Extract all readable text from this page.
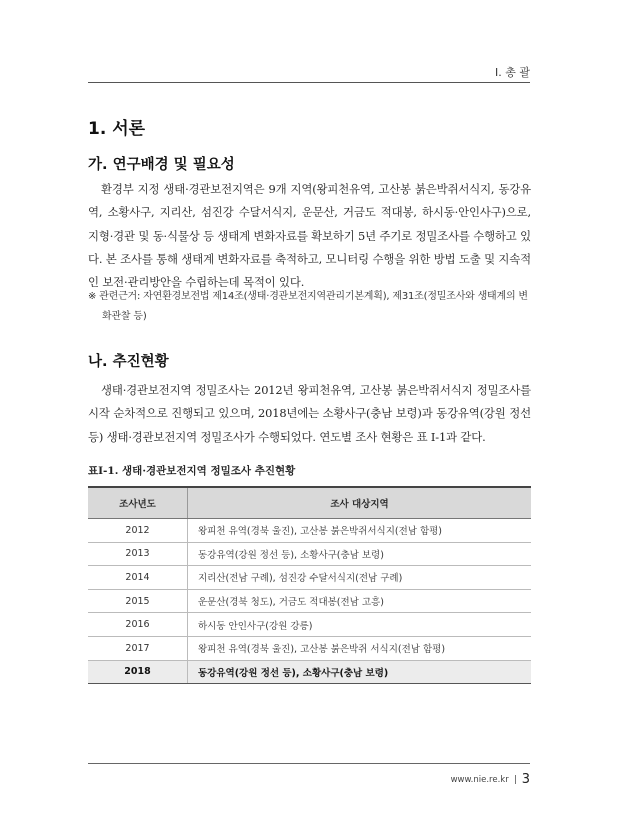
I. 총 괄
1. 서론
가. 연구배경 및 필요성
환경부 지정 생태·경관보전지역은 9개 지역(왕피천유역, 고산봉 붉은박쥐서식지, 동강유역, 소황사구, 지리산, 섬진강 수달서식지, 운문산, 거금도 적대봉, 하시동·안인사구)으로, 지형·경관 및 동·식물상 등 생태계 변화자료를 확보하기 5년 주기로 정밀조사를 수행하고 있다. 본 조사를 통해 생태계 변화자료를 축적하고, 모니터링 수행을 위한 방법 도출 및 지속적인 보전·관리방안을 수립하는데 목적이 있다.
※ 관련근거: 자연환경보전법 제14조(생태·경관보전지역관리기본계획), 제31조(정밀조사와 생태계의 변화관찰 등)
나. 추진현황
생태·경관보전지역 정밀조사는 2012년 왕피천유역, 고산봉 붉은박쥐서식지 정밀조사를 시작 순차적으로 진행되고 있으며, 2018년에는 소황사구(충남 보령)과 동강유역(강원 정선 등) 생태·경관보전지역 정밀조사가 수행되었다. 연도별 조사 현황은 표 Ⅰ-1과 같다.
표Ⅰ-1. 생태·경관보전지역 정밀조사 추진현황
조사년도	조사 대상지역
2012	왕피천 유역(경북 울진), 고산봉 붉은박쥐서식지(전남 함평)
2013	동강유역(강원 정선 등), 소황사구(충남 보령)
2014	지리산(전남 구례), 섬진강 수달서식지(전남 구례)
2015	운문산(경북 청도), 거금도 적대봉(전남 고흥)
2016	하시동 안인사구(강원 강릉)
2017	왕피천 유역(경북 울진), 고산봉 붉은박쥐 서식지(전남 함평)
2018	동강유역(강원 정선 등), 소황사구(충남 보령)
www.nie.re.kr 3
